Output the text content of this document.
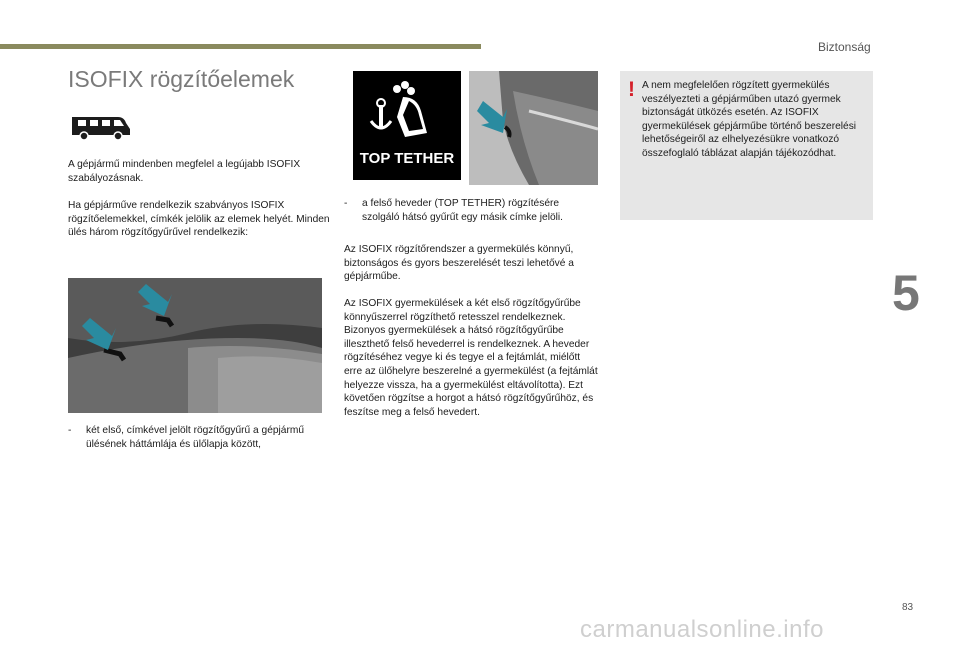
Biztonság
ISOFIX rögzítőelemek
A gépjármű mindenben megfelel a legújabb ISOFIX szabályozásnak.
Ha gépjárművе rendelkezik szabványos ISOFIX rögzítőelemekkel, címkék jelölik az elemek helyét. Minden ülés három rögzítőgyűrűvel rendelkezik:
-	két első, címkével jelölt rögzítőgyűrű a gépjármű ülésének háttámlája és ülőlapja között,
TOP TETHER
-	a felső heveder (TOP TETHER) rögzítésére szolgáló hátsó gyűrűt egy másik címke jelöli.
Az ISOFIX rögzítőrendszer a gyermekülés könnyű, biztonságos és gyors beszerelését teszi lehetővé a gépjárműbe.
Az ISOFIX gyermekülések a két első rögzítőgyűrűbe könnyűszerrel rögzíthető retesszel rendelkeznek. Bizonyos gyermekülések a hátsó rögzítőgyűrűbe illeszthető felső hevederrel is rendelkeznek. A heveder rögzítéséhez vegye ki és tegye el a fejtámlát, miélőtt erre az ülőhelyre beszerelné a gyermekülést (a fejtámlát helyezze vissza, ha a gyermekülést eltávolította). Ezt követően rögzítse a horgot a hátsó rögzítőgyűrűhöz, és feszítse meg a felső hevedert.
! A nem megfelelően rögzített gyermekülés veszélyezteti a gépjárműben utazó gyermek biztonságát ütközés esetén. Az ISOFIX gyermekülések gépjárműbe történő beszerelési lehetőségeiről az elhelyezésükre vonatkozó összefoglaló táblázat alapján tájékozódhat.
5
83
carmanualsonline.info
